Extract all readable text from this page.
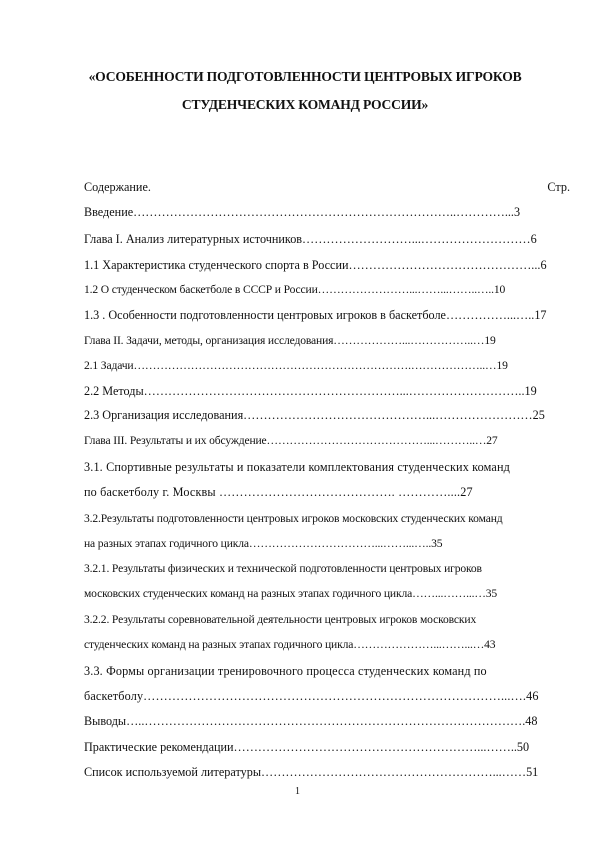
«ОСОБЕННОСТИ ПОДГОТОВЛЕННОСТИ ЦЕНТРОВЫХ ИГРОКОВ
СТУДЕНЧЕСКИХ КОМАНД РОССИИ»
Содержание.	Стр.
Введение……………………………………………………………………..…………...3
Глава I. Анализ литературных источников………………………...………………………6
1.1 Характеристика студенческого спорта в России………………………………………...6
1.2 О студенческом баскетболе в СССР и России……………………...……...……..…..10
1.3 . Особенности подготовленности центровых игроков в баскетболе……………...…..17
Глава II. Задачи, методы, организация исследования………………...……………..…19
2.1 Задачи……………………………………………………………….………………..…19
2.2 Методы………………………………………………………...………………………..19
2.3 Организация исследования………………………………………...……………………25
Глава III. Результаты и их обсуждение……………………………………...………..…27
3.1. Спортивные результаты и показатели комплектования студенческих команд
по баскетболу г. Москвы ……………………………………. …………....27
3.2.Результаты подготовленности центровых игроков московских студенческих команд
на разных этапах годичного цикла……………………………...……...…..35
3.2.1. Результаты физических и технической подготовленности центровых игроков
московских студенческих команд на разных этапах годичного цикла……...……...…35
3.2.2. Результаты соревновательной деятельности центровых игроков московских
студенческих команд на разных этапах годичного цикла…………………...……...…43
3.3. Формы организации тренировочного процесса студенческих команд по
баскетболу……………………………………………………………………………...….46
Выводы…..………………………………………………………………………………….48
Практические рекомендации……………………………………………………...……..50
Список используемой литературы…………………………………………………...……51
1
